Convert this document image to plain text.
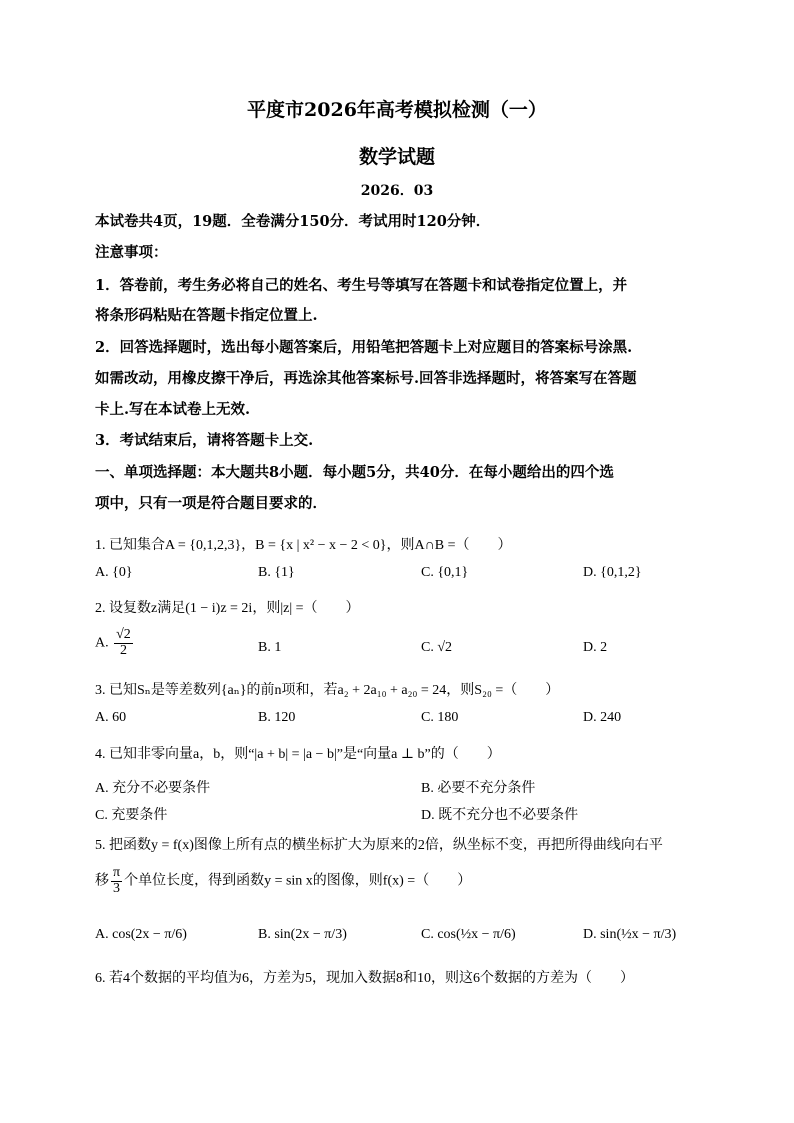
平度市2026年高考模拟检测（一）
数学试题
2026．03
本试卷共4页，19题．全卷满分150分．考试用时120分钟．
注意事项：
1．答卷前，考生务必将自己的姓名、考生号等填写在答题卡和试卷指定位置上，并
将条形码粘贴在答题卡指定位置上.
2．回答选择题时，选出每小题答案后，用铅笔把答题卡上对应题目的答案标号涂黑.
如需改动，用橡皮擦干净后，再选涂其他答案标号.回答非选择题时，将答案写在答题
卡上.写在本试卷上无效.
3．考试结束后，请将答题卡上交.
一、单项选择题：本大题共8小题．每小题5分，共40分．在每小题给出的四个选
项中，只有一项是符合题目要求的．
1. 已知集合A = {0,1,2,3}，B = {x | x² − x − 2 < 0}，则A∩B =（　　）
A. {0}	B. {1}	C. {0,1}	D. {0,1,2}
2. 设复数z满足(1 − i)z = 2i，则|z| =（　　）
A. $\frac{√2}{2}$	B. 1	C. √2	D. 2
3. 已知Sₙ是等差数列{aₙ}的前n项和，若a₂ + 2a₁₀ + a₂₀ = 24，则S₂₀ =（　　）
A. 60	B. 120	C. 180	D. 240
4. 已知非零向量a，b，则“|a + b| = |a − b|”是“向量a ⊥ b”的（　　）
A. 充分不必要条件	B. 必要不充分条件
C. 充要条件	D. 既不充分也不必要条件
5. 把函数y = f(x)图像上所有点的横坐标扩大为原来的2倍，纵坐标不变，再把所得曲线向右平
移 $\frac{\pi}{3}$ 个单位长度，得到函数y = sin x的图像，则f(x) =（　　）
A. cos(2x − π/6)	B. sin(2x − π/3)	C. cos(½x − π/6)	D. sin(½x − π/3)
6. 若4个数据的平均值为6，方差为5，现加入数据8和10，则这6个数据的方差为（　　）
